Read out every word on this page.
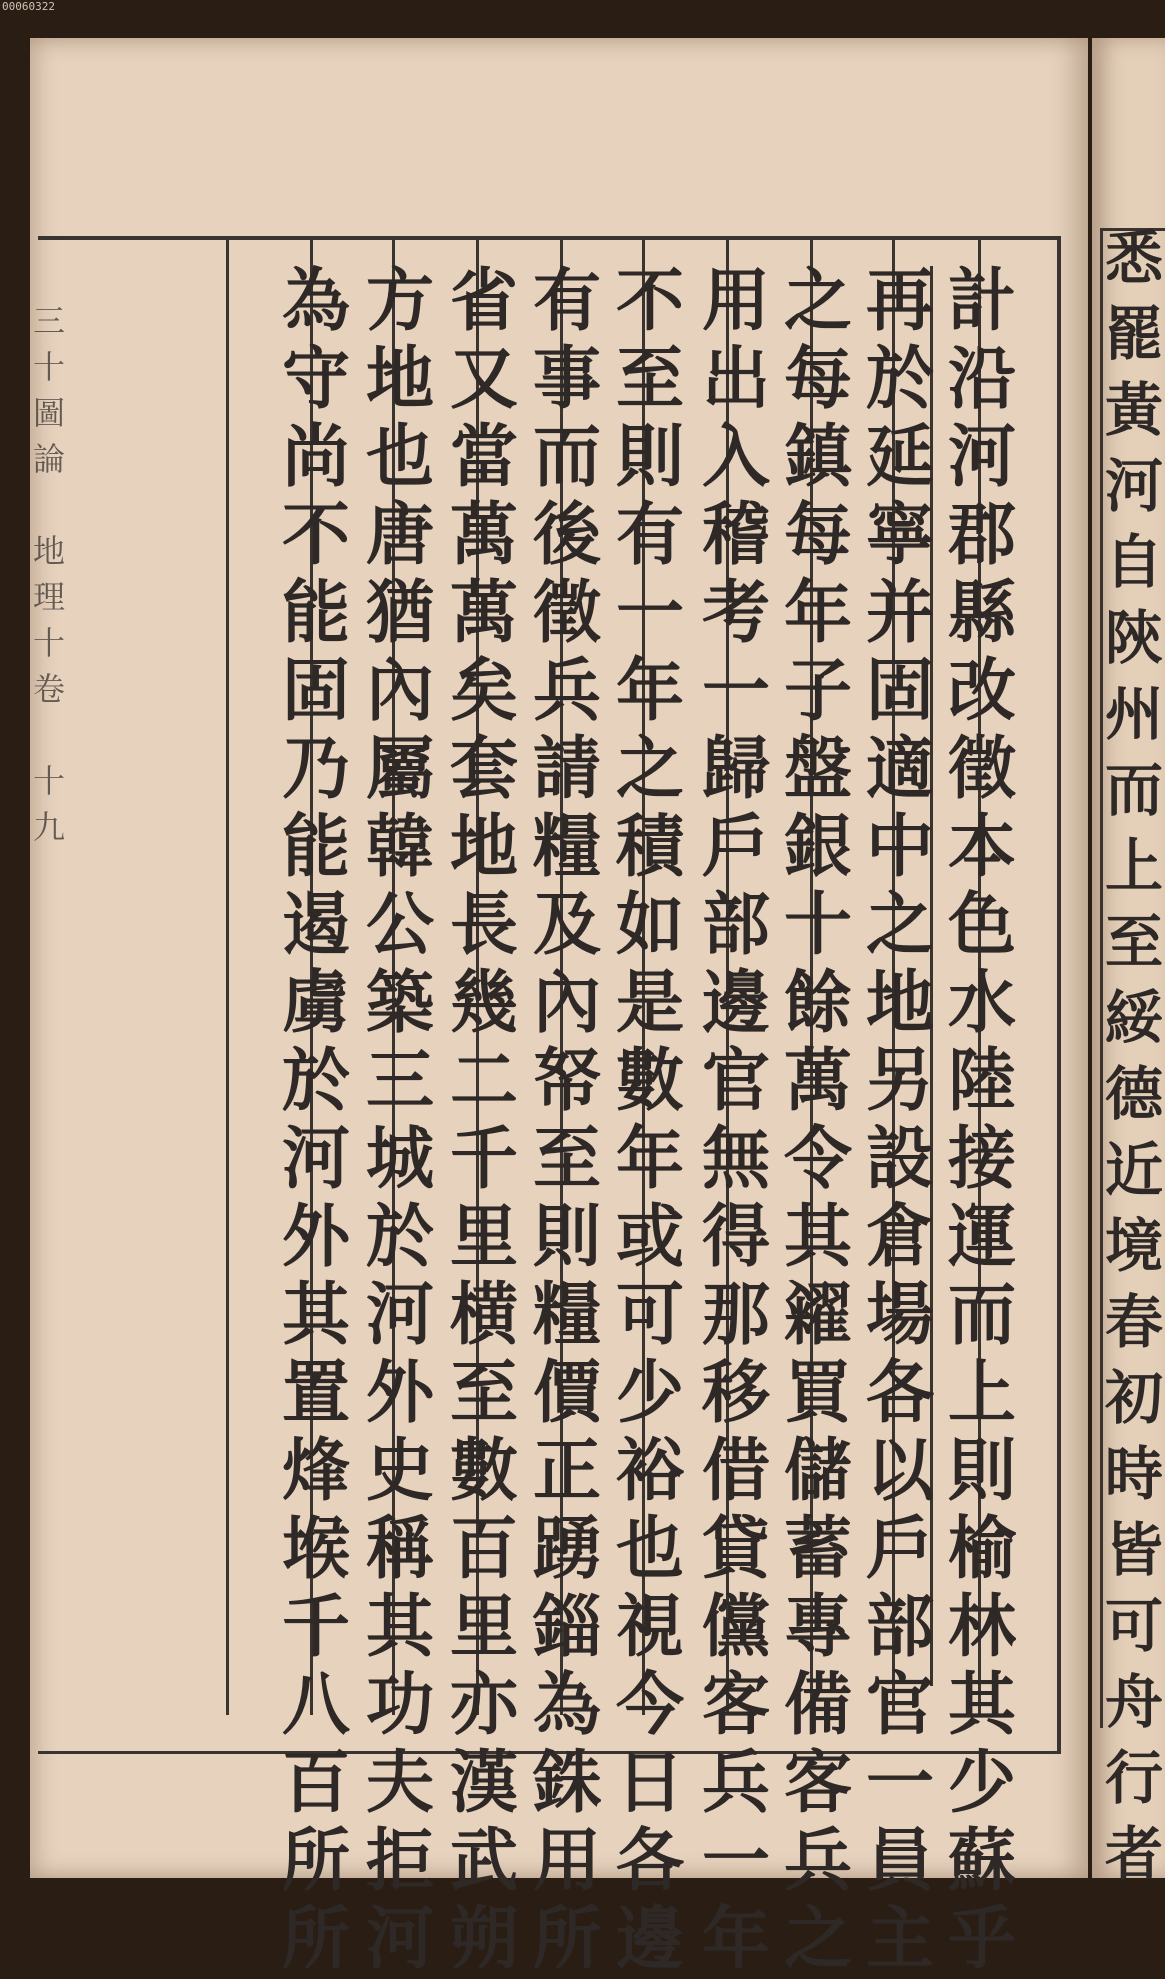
00060322
三
十
圖
論

地
理
十
卷

十
九
悉
罷
黃
河
自
陝
州
而
上
至
綏
德
近
境
春
初
時
皆
可
舟
行
者
計
沿
河
郡
縣
改
徵
本
色
水
陸
接
運
而
上
則
榆
林
其
少
蘇
乎
再
於
延
寧
并
固
適
中
之
地
另
設
倉
場
各
以
戶
部
官
一
員
主
之
每
鎮
每
年
子
盤
銀
十
餘
萬
令
其
糴
買
儲
蓄
專
備
客
兵
之
用
出
入
稽
考
一
歸
戶
部
邊
官
無
得
那
移
借
貸
儻
客
兵
一
年
不
至
則
有
一
年
之
積
如
是
數
年
或
可
少
裕
也
視
今
日
各
邊
有
事
而
後
徵
兵
請
糧
及
內
帑
至
則
糧
價
正
踴
錙
為
銖
用
所
省
又
當
萬
萬
矣
套
地
長
幾
二
千
里
横
至
數
百
里
亦
漢
武
朔
方
地
也
唐
猶
內
屬
韓
公
築
三
城
於
河
外
史
稱
其
功
夫
拒
河
為
守
尚
不
能
固
乃
能
遏
虜
於
河
外
其
置
烽
堠
千
八
百
所
所
